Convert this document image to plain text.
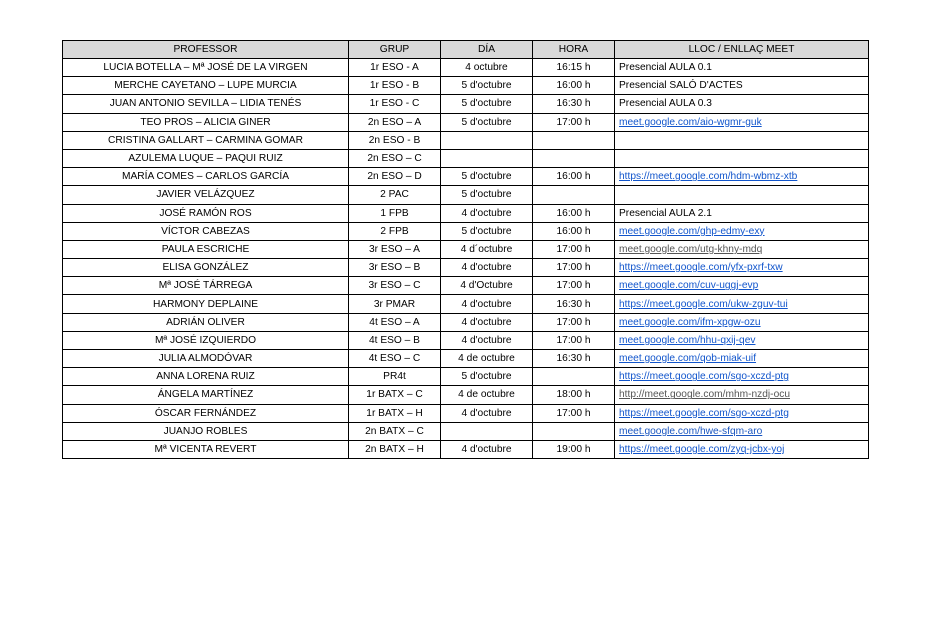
PROFESSOR	GRUP	DÍA	HORA	LLOC / ENLLAÇ MEET
LUCIA BOTELLA – Mª JOSÉ DE LA VIRGEN	1r ESO - A	4 octubre	16:15 h	Presencial AULA 0.1
MERCHE CAYETANO – LUPE MURCIA	1r ESO - B	5 d'octubre	16:00 h	Presencial SALÓ D'ACTES
JUAN ANTONIO SEVILLA – LIDIA TENÉS	1r ESO - C	5 d'octubre	16:30 h	Presencial AULA 0.3
TEO PROS – ALICIA GINER	2n ESO – A	5 d'octubre	17:00 h	meet.google.com/aio-wgmr-guk
CRISTINA GALLART – CARMINA GOMAR	2n ESO - B			
AZULEMA LUQUE – PAQUI RUIZ	2n ESO – C			
MARÍA COMES – CARLOS GARCÍA	2n ESO – D	5 d'octubre	16:00 h	https://meet.google.com/hdm-wbmz-xtb
JAVIER VELÁZQUEZ	2 PAC	5 d'octubre		
JOSÉ RAMÓN ROS	1 FPB	4 d'octubre	16:00 h	Presencial AULA 2.1
VÍCTOR CABEZAS	2 FPB	5 d'octubre	16:00 h	meet.google.com/ghp-edmy-exy
PAULA ESCRICHE	3r ESO – A	4 d´octubre	17:00 h	meet.google.com/utg-khny-mdq
ELISA GONZÁLEZ	3r ESO – B	4 d'octubre	17:00 h	https://meet.google.com/yfx-pxrf-txw
Mª JOSÉ TÁRREGA	3r ESO – C	4 d'Octubre	17:00 h	meet.google.com/cuv-uggj-evp
HARMONY DEPLAINE	3r PMAR	4 d'octubre	16:30 h	https://meet.google.com/ukw-zguv-tui
ADRIÁN OLIVER	4t ESO – A	4 d'octubre	17:00 h	meet.google.com/ifm-xpgw-ozu
Mª JOSÉ IZQUIERDO	4t ESO – B	4 d'octubre	17:00 h	meet.google.com/hhu-qxij-qev
JULIA ALMODÓVAR	4t ESO – C	4 de octubre	16:30 h	meet.google.com/qob-miak-uif
ANNA LORENA RUIZ	PR4t	5 d'octubre		https://meet.google.com/sgo-xczd-ptg
ÁNGELA MARTÍNEZ	1r BATX – C	4 de octubre	18:00 h	http://meet.google.com/mhm-nzdj-ocu
ÓSCAR FERNÁNDEZ	1r BATX – H	4 d'octubre	17:00 h	https://meet.google.com/sgo-xczd-ptg
JUANJO ROBLES	2n BATX – C			meet.google.com/hwe-sfqm-aro
Mª VICENTA REVERT	2n BATX – H	4 d'octubre	19:00 h	https://meet.google.com/zyq-jcbx-yoj
